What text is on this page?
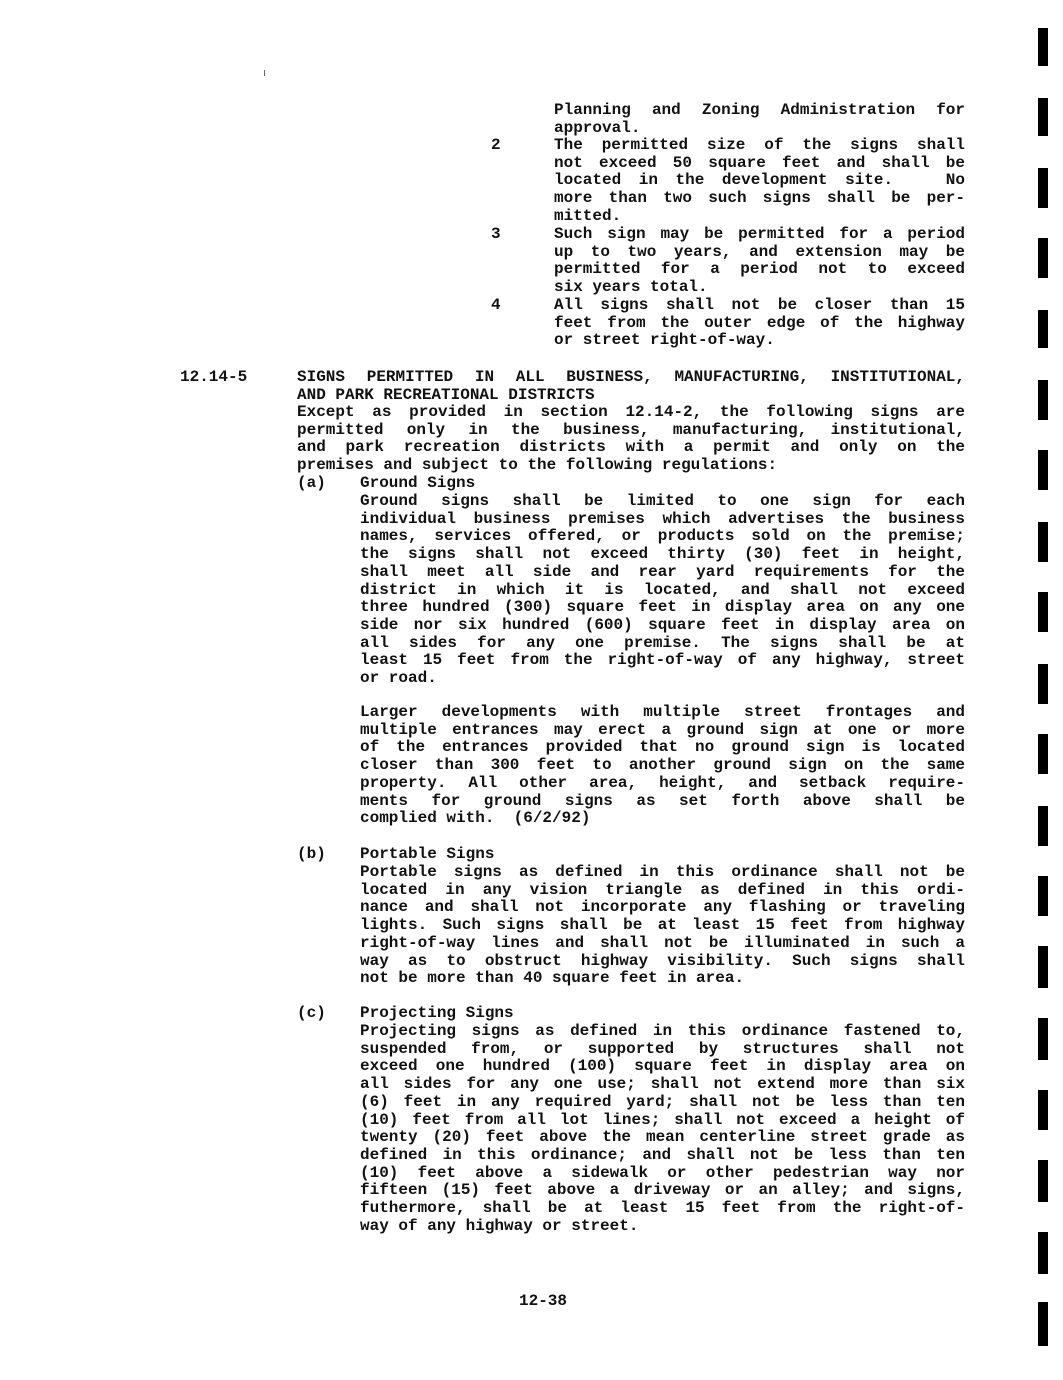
Planning and Zoning Administration for

approval.

2	The permitted size of the signs shall

not exceed 50 square feet and shall be

located in the development site.   No

more than two such signs shall be per-

mitted.

3	Such sign may be permitted for a period

up to two years, and extension may be

permitted for a period not to exceed

six years total.

4	All signs shall not be closer than 15

feet from the outer edge of the highway

or street right-of-way.

12.14-5	SIGNS PERMITTED IN ALL BUSINESS, MANUFACTURING, INSTITUTIONAL,

AND PARK RECREATIONAL DISTRICTS

Except as provided in section 12.14-2, the following signs are

permitted only in the business, manufacturing, institutional,

and park recreation districts with a permit and only on the

premises and subject to the following regulations:

(a) Ground Signs

Ground signs shall be limited to one sign for each

individual business premises which advertises the business

names, services offered, or products sold on the premise;

the signs shall not exceed thirty (30) feet in height,

shall meet all side and rear yard requirements for the

district in which it is located, and shall not exceed

three hundred (300) square feet in display area on any one

side nor six hundred (600) square feet in display area on

all sides for any one premise. The signs shall be at

least 15 feet from the right-of-way of any highway, street

or road.

Larger developments with multiple street frontages and

multiple entrances may erect a ground sign at one or more

of the entrances provided that no ground sign is located

closer than 300 feet to another ground sign on the same

property. All other area, height, and setback require-

ments for ground signs as set forth above shall be

complied with.  (6/2/92)

(b) Portable Signs

Portable signs as defined in this ordinance shall not be

located in any vision triangle as defined in this ordi-

nance and shall not incorporate any flashing or traveling

lights. Such signs shall be at least 15 feet from highway

right-of-way lines and shall not be illuminated in such a

way as to obstruct highway visibility. Such signs shall

not be more than 40 square feet in area.

(c) Projecting Signs

Projecting signs as defined in this ordinance fastened to,

suspended from, or supported by structures shall not

exceed one hundred (100) square feet in display area on

all sides for any one use; shall not extend more than six

(6) feet in any required yard; shall not be less than ten

(10) feet from all lot lines; shall not exceed a height of

twenty (20) feet above the mean centerline street grade as

defined in this ordinance; and shall not be less than ten

(10) feet above a sidewalk or other pedestrian way nor

fifteen (15) feet above a driveway or an alley; and signs,

futhermore, shall be at least 15 feet from the right-of-

way of any highway or street.

12-38
